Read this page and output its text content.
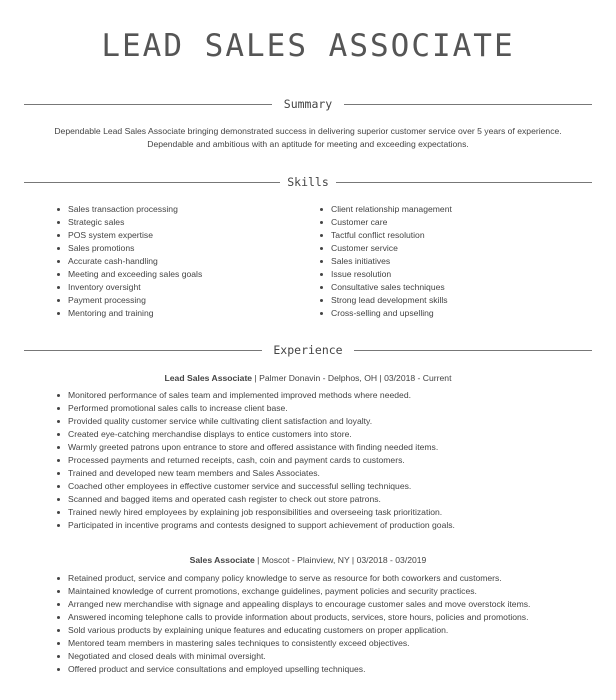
LEAD SALES ASSOCIATE
Summary
Dependable Lead Sales Associate bringing demonstrated success in delivering superior customer service over 5 years of experience. Dependable and ambitious with an aptitude for meeting and exceeding expectations.
Skills
Sales transaction processing
Strategic sales
POS system expertise
Sales promotions
Accurate cash-handling
Meeting and exceeding sales goals
Inventory oversight
Payment processing
Mentoring and training
Client relationship management
Customer care
Tactful conflict resolution
Customer service
Sales initiatives
Issue resolution
Consultative sales techniques
Strong lead development skills
Cross-selling and upselling
Experience
Lead Sales Associate | Palmer Donavin - Delphos, OH | 03/2018 - Current
Monitored performance of sales team and implemented improved methods where needed.
Performed promotional sales calls to increase client base.
Provided quality customer service while cultivating client satisfaction and loyalty.
Created eye-catching merchandise displays to entice customers into store.
Warmly greeted patrons upon entrance to store and offered assistance with finding needed items.
Processed payments and returned receipts, cash, coin and payment cards to customers.
Trained and developed new team members and Sales Associates.
Coached other employees in effective customer service and successful selling techniques.
Scanned and bagged items and operated cash register to check out store patrons.
Trained newly hired employees by explaining job responsibilities and overseeing task prioritization.
Participated in incentive programs and contests designed to support achievement of production goals.
Sales Associate | Moscot - Plainview, NY | 03/2018 - 03/2019
Retained product, service and company policy knowledge to serve as resource for both coworkers and customers.
Maintained knowledge of current promotions, exchange guidelines, payment policies and security practices.
Arranged new merchandise with signage and appealing displays to encourage customer sales and move overstock items.
Answered incoming telephone calls to provide information about products, services, store hours, policies and promotions.
Sold various products by explaining unique features and educating customers on proper application.
Mentored team members in mastering sales techniques to consistently exceed objectives.
Negotiated and closed deals with minimal oversight.
Offered product and service consultations and employed upselling techniques.
